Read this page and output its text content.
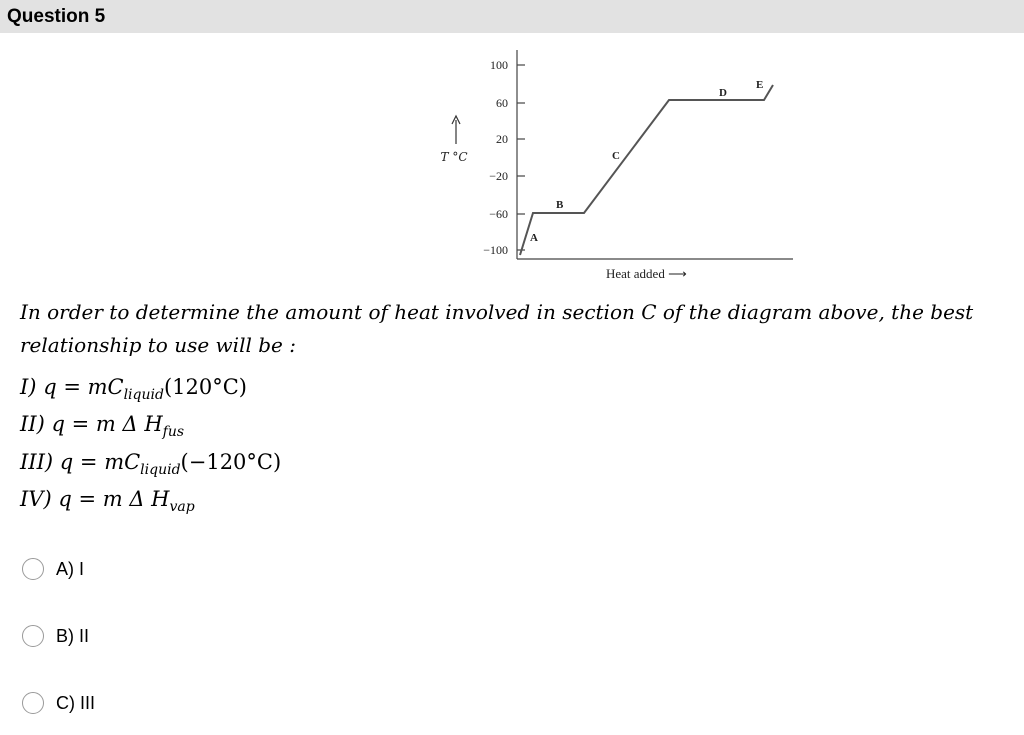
Question 5
T °C
100
60
20
−20
−60
−100
A
B
C
D
E
Heat added ⟶
In order to determine the amount of heat involved in section C of the diagram above, the best relationship to use will be :
I) $q = mC_{liquid}(120^\circ C)$
II) q = m Δ $H_{fus}$
III) $q = mC_{liquid}(-120^\circ C)$
IV) q = m Δ $H_{vap}$
A) I
B) II
C) III
